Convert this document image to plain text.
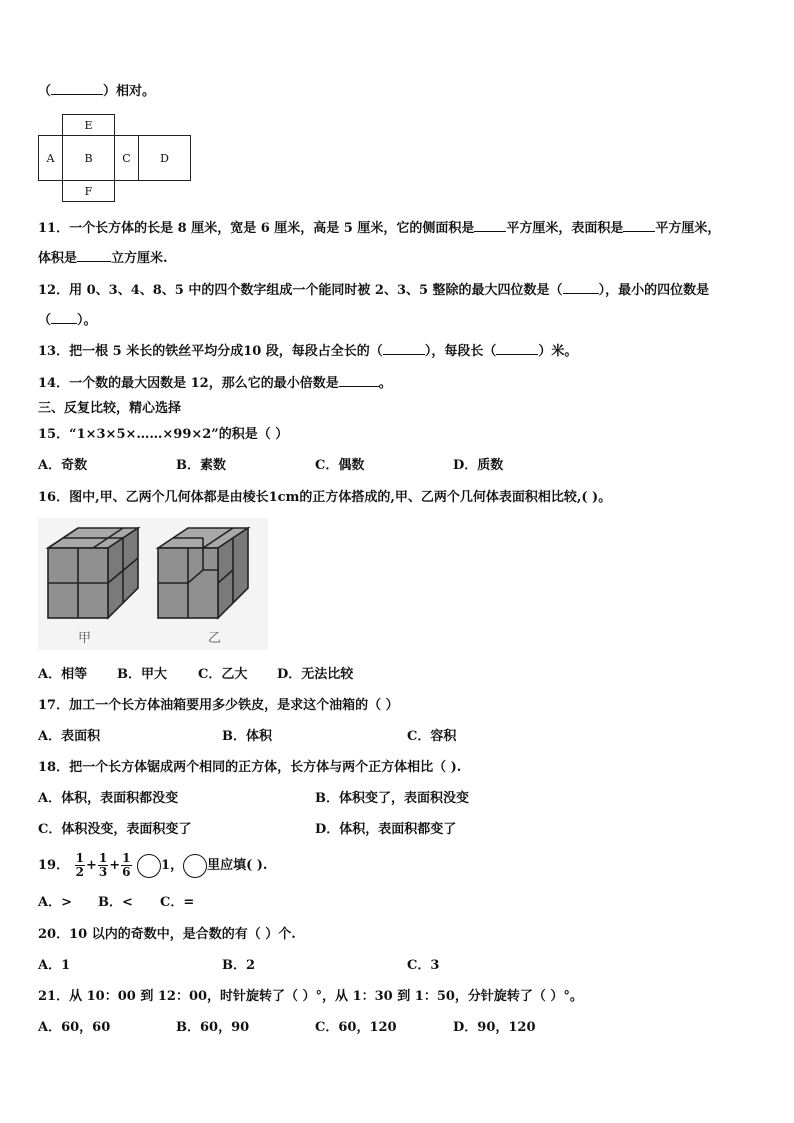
（	）相对。
E
A	B	C	D
F
11．一个长方体的长是 8 厘米，宽是 6 厘米，高是 5 厘米，它的侧面积是 平方厘米，表面积是 平方厘米，
体积是	立方厘米.
12．用 0、3、4、8、5 中的四个数字组成一个能同时被 2、3、5 整除的最大四位数是（	），最小的四位数是
（ ）。
13．把一根 5 米长的铁丝平均分成10 段，每段占全长的（	），每段长（	）米。
14．一个数的最大因数是 12，那么它的最小倍数是	。
三、反复比较，精心选择
15．“1×3×5×……×99×2”的积是（ ）
A．奇数	B．素数	C．偶数	D．质数
16．图中,甲、乙两个几何体都是由棱长1cm的正方体搭成的,甲、乙两个几何体表面积相比较,( )。
甲	乙
A．相等 B．甲大 C．乙大 D．无法比较
17．加工一个长方体油箱要用多少铁皮，是求这个油箱的（ ）
A．表面积	B．体积	C．容积
18．把一个长方体锯成两个相同的正方体，长方体与两个正方体相比（ ).
A．体积，表面积都没变	B．体积变了，表面积没变
C．体积没变，表面积变了	D．体积，表面积都变了
19． $\frac{1}{2} + \frac{1}{3} + \frac{1}{6} 1$， 里应填( ).
A．> B．< C．=
20．10 以内的奇数中，是合数的有（ ）个.
A．1	B．2	C．3
21．从 10：00 到 12：00，时针旋转了（ ）°，从 1：30 到 1：50，分针旋转了（ ）°。
A．60，60	B．60，90	C．60，120	D．90，120
